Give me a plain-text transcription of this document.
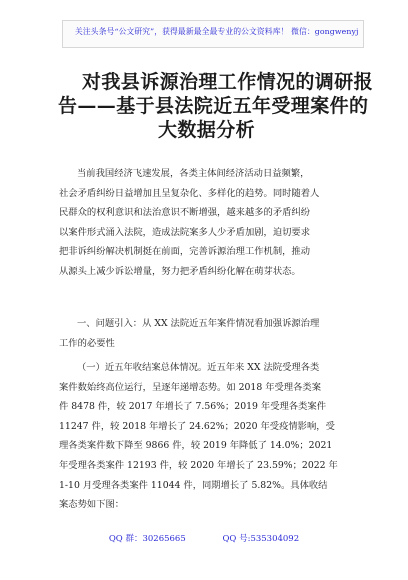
关注头条号“公文研究”，获得最新最全最专业的公文资料库！ 微信：gongwenyj
对我县诉源治理工作情况的调研报
告——基于县法院近五年受理案件的
大数据分析
当前我国经济飞速发展，各类主体间经济活动日益频繁，
社会矛盾纠纷日益增加且呈复杂化、多样化的趋势。同时随着人
民群众的权利意识和法治意识不断增强，越来越多的矛盾纠纷
以案件形式涌入法院，造成法院案多人少矛盾加剧，迫切要求
把非诉纠纷解决机制挺在前面，完善诉源治理工作机制，推动
从源头上减少诉讼增量，努力把矛盾纠纷化解在萌芽状态。
一、问题引入：从 XX 法院近五年案件情况看加强诉源治理
工作的必要性
（一）近五年收结案总体情况。近五年来 XX 法院受理各类
案件数始终高位运行，呈逐年递增态势。如 2018 年受理各类案
件 8478 件，较 2017 年增长了 7.56%；2019 年受理各类案件
11247 件，较 2018 年增长了 24.62%；2020 年受疫情影响，受
理各类案件数下降至 9866 件，较 2019 年降低了 14.0%；2021
年受理各类案件 12193 件，较 2020 年增长了 23.59%；2022 年
1-10 月受理各类案件 11044 件，同期增长了 5.82%。具体收结
案态势如下图：
QQ 群：30265665	QQ 号:535304092
